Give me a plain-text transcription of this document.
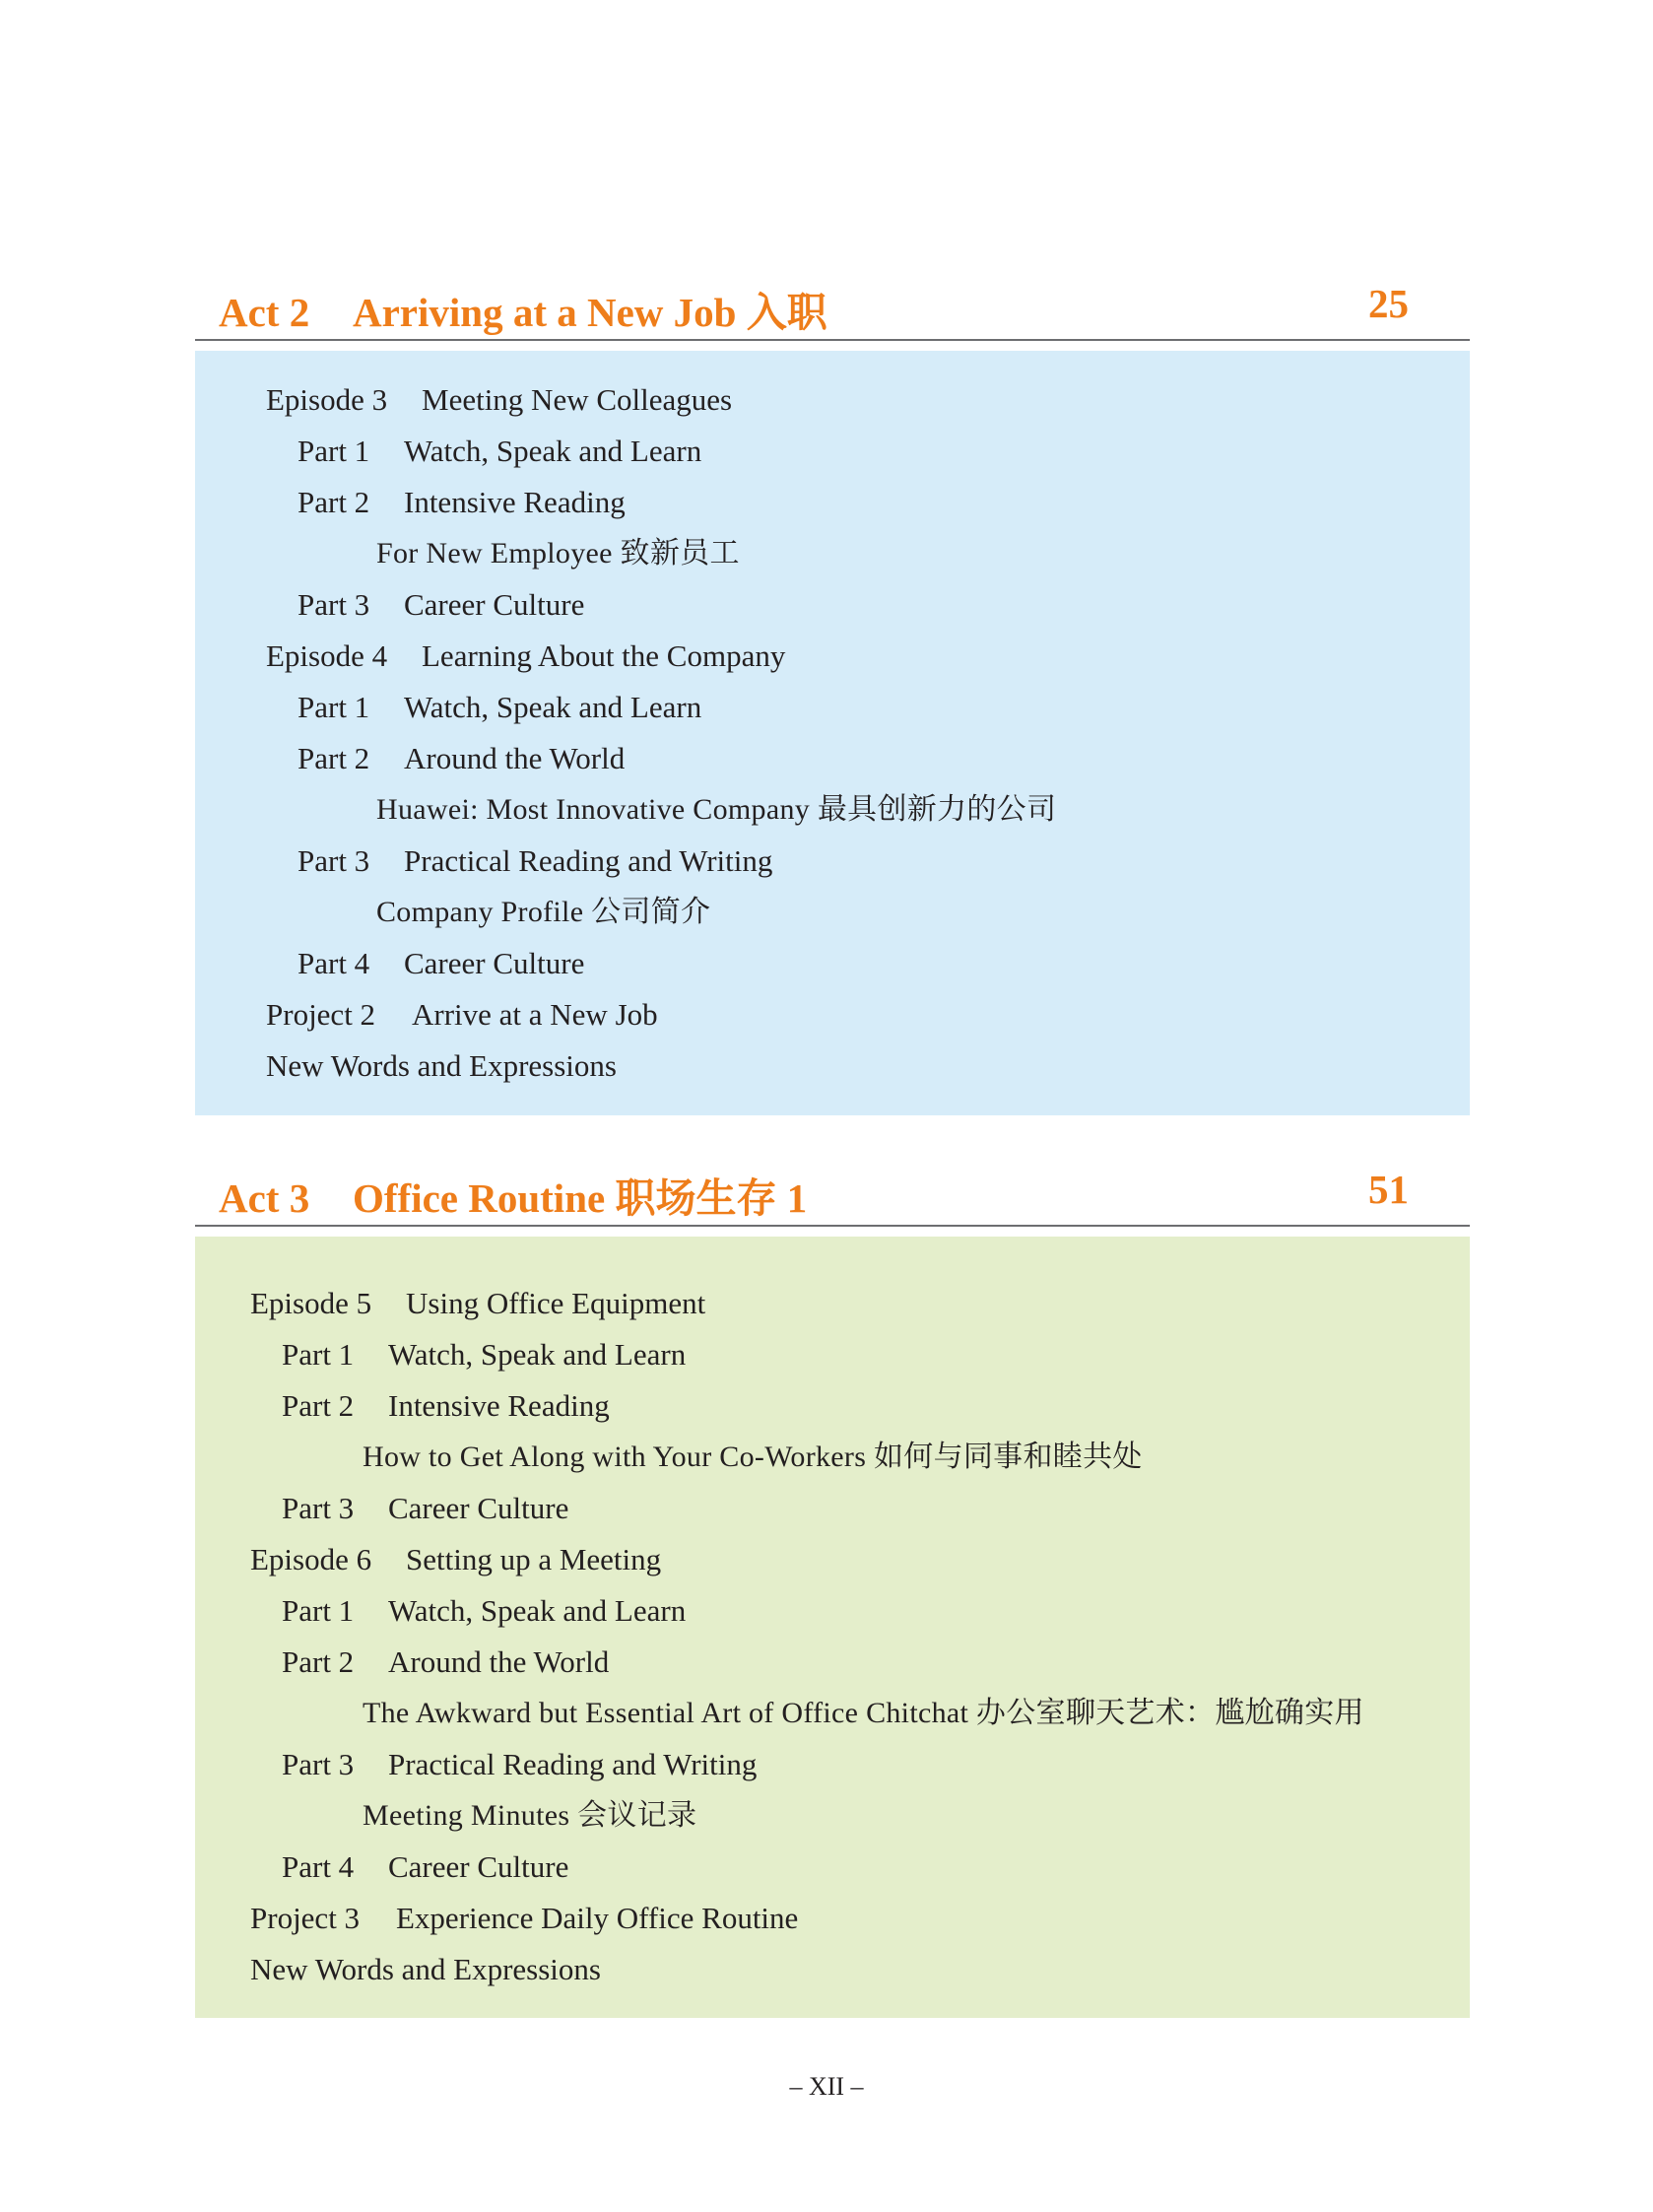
Act 2 Arriving at a New Job 入职	25
Episode 3 Meeting New Colleagues
Part 1 Watch, Speak and Learn
Part 2 Intensive Reading
For New Employee 致新员工
Part 3 Career Culture
Episode 4 Learning About the Company
Part 1 Watch, Speak and Learn
Part 2 Around the World
Huawei: Most Innovative Company 最具创新力的公司
Part 3 Practical Reading and Writing
Company Profile 公司简介
Part 4 Career Culture
Project 2 Arrive at a New Job
New Words and Expressions
Act 3 Office Routine 职场生存 1	51
Episode 5 Using Office Equipment
Part 1 Watch, Speak and Learn
Part 2 Intensive Reading
How to Get Along with Your Co-Workers 如何与同事和睦共处
Part 3 Career Culture
Episode 6 Setting up a Meeting
Part 1 Watch, Speak and Learn
Part 2 Around the World
The Awkward but Essential Art of Office Chitchat 办公室聊天艺术：尴尬确实用
Part 3 Practical Reading and Writing
Meeting Minutes 会议记录
Part 4 Career Culture
Project 3 Experience Daily Office Routine
New Words and Expressions
– XII –
